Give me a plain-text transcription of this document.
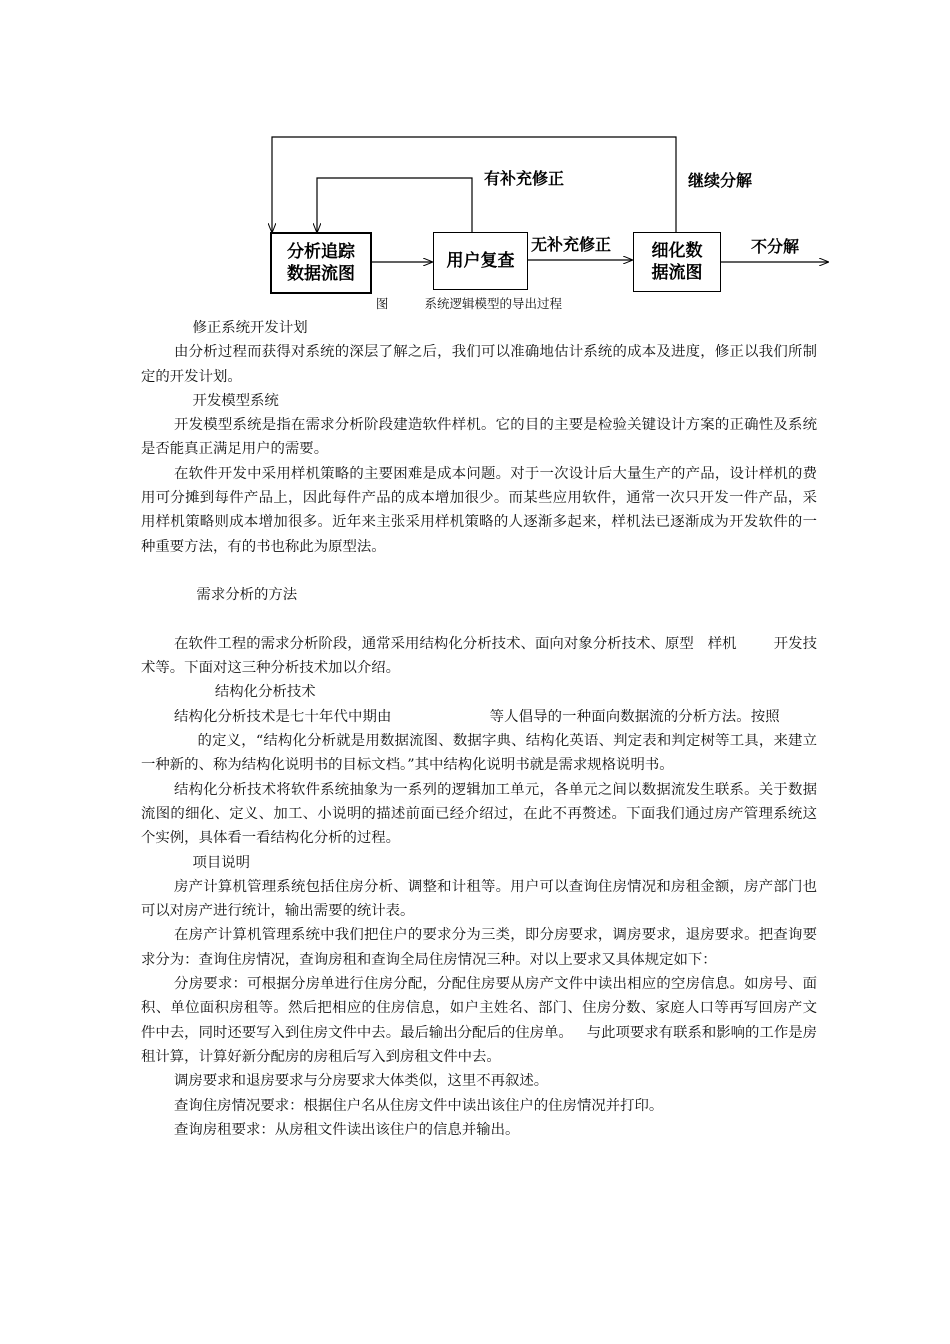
分析追踪
数据流图
用户复查
ﾠ
细化数
据流图
有补充修正	继续分解
无补充修正	不分解
图 ﾠ ﾠ 系统逻辑模型的导出过程ﾠ

ﾠ 修正系统开发计划 ﾠ

由分析过程而获得对系统的深层了解之后，我们可以准确地估计系统的成本及进度，修正以我们所制定的开发计划。 ﾠ

ﾠ 开发模型系统 ﾠ

开发模型系统是指在需求分析阶段建造软件样机。它的目的主要是检验关键设计方案的正确性及系统是否能真正满足用户的需要。 ﾠ

在软件开发中采用样机策略的主要困难是成本问题。对于一次设计后大量生产的产品，设计样机的费用可分摊到每件产品上，因此每件产品的成本增加很少。而某些应用软件，通常一次只开发一件产品，采用样机策略则成本增加很多。近年来主张采用样机策略的人逐渐多起来，样机法已逐渐成为开发软件的一种重要方法，有的书也称此为原型法。 ﾠ

ﾠ

ﾠ ﾠ ﾠ 需求分析的方法 ﾠ

ﾠ

在软件工程的需求分析阶段，通常采用结构化分析技术、面向对象分析技术、原型ﾠ样机ﾠ ﾠ 开发技术等。下面对这三种分析技术加以介绍。 ﾠ

ﾠ ﾠ ﾠ ﾠ 结构化分析技术 ﾠ

结构化分析技术是七十年代中期由 ﾠ ﾠ ﾠ ﾠ ﾠ 等人倡导的一种面向数据流的分析方法。按照 ﾠ ﾠ ﾠ ﾠ ﾠ 的定义，“结构化分析就是用数据流图、数据字典、结构化英语、判定表和判定树等工具，来建立一种新的、称为结构化说明书的目标文档。”其中结构化说明书就是需求规格说明书。 ﾠ

结构化分析技术将软件系统抽象为一系列的逻辑加工单元，各单元之间以数据流发生联系。关于数据流图的细化、定义、加工、小说明的描述前面已经介绍过，在此不再赘述。下面我们通过房产管理系统这个实例，具体看一看结构化分析的过程。 ﾠ

ﾠ 项目说明 ﾠ

房产计算机管理系统包括住房分析、调整和计租等。用户可以查询住房情况和房租金额，房产部门也可以对房产进行统计，输出需要的统计表。 ﾠ

在房产计算机管理系统中我们把住户的要求分为三类，即分房要求，调房要求，退房要求。把查询要求分为：查询住房情况，查询房租和查询全局住房情况三种。对以上要求又具体规定如下： ﾠ

分房要求：可根据分房单进行住房分配，分配住房要从房产文件中读出相应的空房信息。如房号、面积、单位面积房租等。然后把相应的住房信息，如户主姓名、部门、住房分数、家庭人口等再写回房产文件中去，同时还要写入到住房文件中去。最后输出分配后的住房单。ﾠ与此项要求有联系和影响的工作是房租计算，计算好新分配房的房租后写入到房租文件中去。ﾠ

调房要求和退房要求与分房要求大体类似，这里不再叙述。 ﾠ

查询住房情况要求：根据住户名从住房文件中读出该住户的住房情况并打印。 ﾠ

查询房租要求：从房租文件读出该住户的信息并输出。 ﾠ
